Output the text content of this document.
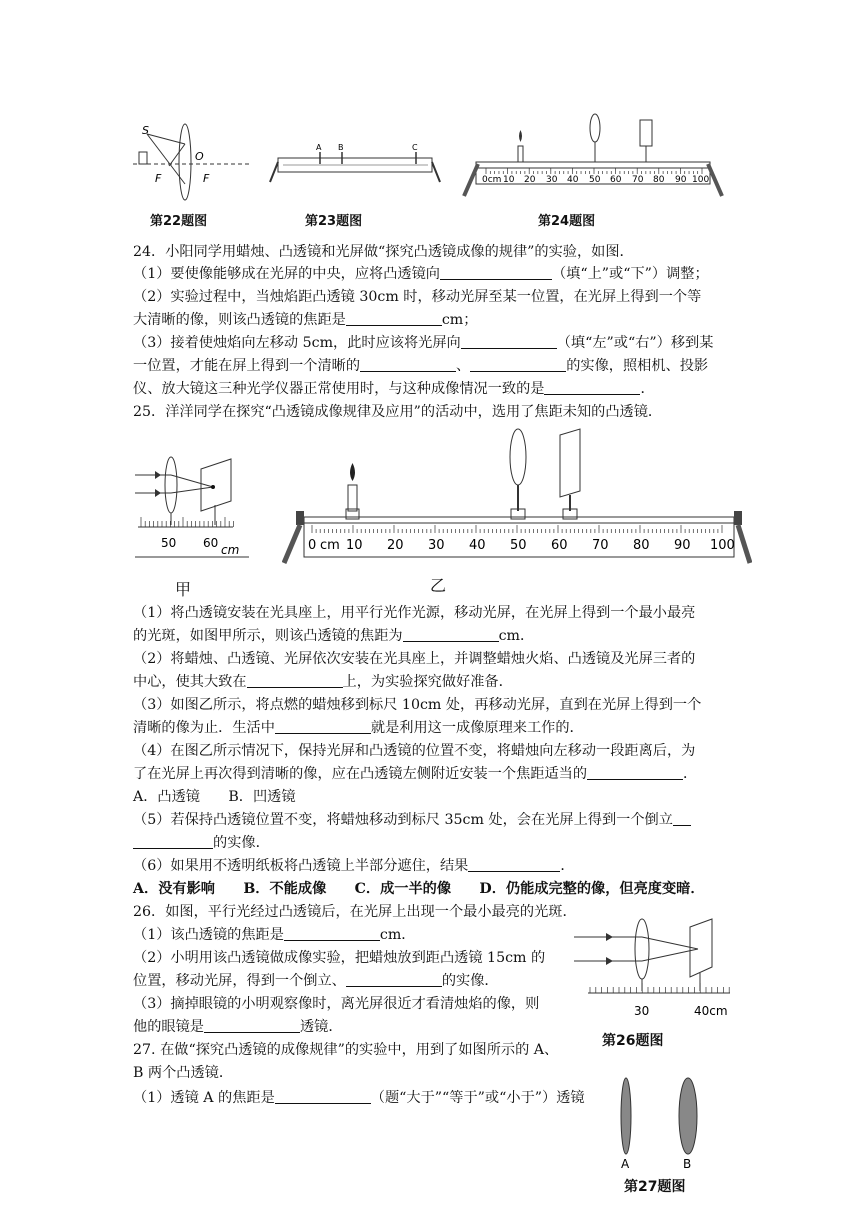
S
O
F	F
第22题图
A B	C
第23题图
0cm 10 20 30 40 50 60 70 80 90 100
第24题图
24．小阳同学用蜡烛、凸透镜和光屏做“探究凸透镜成像的规律”的实验，如图．
（1）要使像能够成在光屏的中央，应将凸透镜向	（填“上”或“下”）调整；
（2）实验过程中，当烛焰距凸透镜 30cm 时，移动光屏至某一位置，在光屏上得到一个等
大清晰的像，则该凸透镜的焦距是	cm；
（3）接着使烛焰向左移动 5cm，此时应该将光屏向	（填“左”或“右”）移到某
一位置，才能在屏上得到一个清晰的	、	的实像，照相机、投影
仪、放大镜这三种光学仪器正常使用时，与这种成像情况一致的是	．
25．洋洋同学在探究“凸透镜成像规律及应用”的活动中，选用了焦距未知的凸透镜．
50 60 cm
甲
0 cm 10 20 30 40 50 60 70 80 90 100
乙
（1）将凸透镜安装在光具座上，用平行光作光源，移动光屏，在光屏上得到一个最小最亮
的光斑，如图甲所示，则该凸透镜的焦距为	cm．
（2）将蜡烛、凸透镜、光屏依次安装在光具座上，并调整蜡烛火焰、凸透镜及光屏三者的
中心，使其大致在	上，为实验探究做好准备．
（3）如图乙所示，将点燃的蜡烛移到标尺 10cm 处，再移动光屏，直到在光屏上得到一个
清晰的像为止．生活中	就是利用这一成像原理来工作的．
（4）在图乙所示情况下，保持光屏和凸透镜的位置不变，将蜡烛向左移动一段距离后，为
了在光屏上再次得到清晰的像，应在凸透镜左侧附近安装一个焦距适当的	．
A．凸透镜　　B．凹透镜
（5）若保持凸透镜位置不变，将蜡烛移动到标尺 35cm 处，会在光屏上得到一个倒立
的实像．
（6）如果用不透明纸板将凸透镜上半部分遮住，结果	．
A．没有影响　　B．不能成像　　C．成一半的像　　D．仍能成完整的像，但亮度变暗．
26．如图，平行光经过凸透镜后，在光屏上出现一个最小最亮的光斑．
（1）该凸透镜的焦距是	cm．
（2）小明用该凸透镜做成像实验，把蜡烛放到距凸透镜 15cm 的
位置，移动光屏，得到一个倒立、	的实像．
（3）摘掉眼镜的小明观察像时，离光屏很近才看清烛焰的像，则
他的眼镜是	透镜．
30	40cm
第26题图
27. 在做“探究凸透镜的成像规律”的实验中，用到了如图所示的 A、
B 两个凸透镜．
（1）透镜 A 的焦距是	（题“大于”“等于”或“小于”）透镜
A	B
第27题图
